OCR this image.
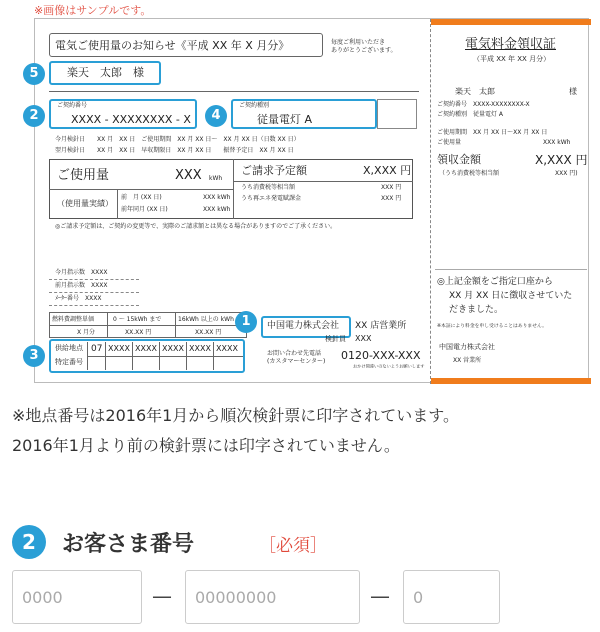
※画像はサンプルです。
電気ご使用量のお知らせ《平成 XX 年 X 月分》	毎度ご利用いただき
ありがとうございます。
楽天　太郎　様
5
ご契約番号
XXXX - XXXXXXXX - X
2
ご契約種別
従量電灯 A
4
今月検針日　　XX 月　XX 日　ご使用期間　XX 月 XX 日～　XX 月 XX 日（日数 XX 日）
翌月検針日　　XX 月　XX 日　早収期限日　XX 月 XX 日　　振替予定日　XX 月 XX 日
ご使用量	XXX kWh
ご請求予定額	X,XXX 円
うち消費税等相当額	XXX 円
うち再エネ発電賦課金	XXX 円
（使用量実績）
前　月 (XX 日)	XXX kWh
前年同月 (XX 日)	XXX kWh
◎ご請求予定額は、ご契約の変更等で、実際のご請求額とは異なる場合がありますのでご了承ください。
今月指示数　XXXX
前月指示数　XXXX
ﾒｰﾀｰ番号　XXXX
燃料費調整単価	0 ～ 15kWh まで	16kWh 以上の kWh
X 月分	XX.XX 円	XX.XX 円
3	供給地点
特定番号
07 XXXX XXXX XXXX XXXX XXXX
1	中国電力株式会社 XX 店営業所
検針員 XXX
お問い合わせ先電話
(カスタマーセンター) 0120-XXX-XXX
おかけ間違いのないようお願いします
電気料金領収証
（平成 XX 年 XX 月分）
楽天　太郎	様
ご契約番号　XXXX-XXXXXXXX-X
ご契約種別　従量電灯 A
ご使用期間　XX 月 XX 日～XX 月 XX 日
ご使用量	XXX kWh
領収金額	X,XXX 円
（うち消費税等相当額	XXX 円)
◎上記金額をご指定口座から
XX 月 XX 日に徴収させていた
だきました。
※本証により料金を申し受けることはありません。
中国電力株式会社
XX 営業所
※地点番号は2016年1月から順次検針票に印字されています。
2016年1月より前の検針票には印字されていません。
2	お客さま番号	［必須］
0000
—
00000000	—
0
